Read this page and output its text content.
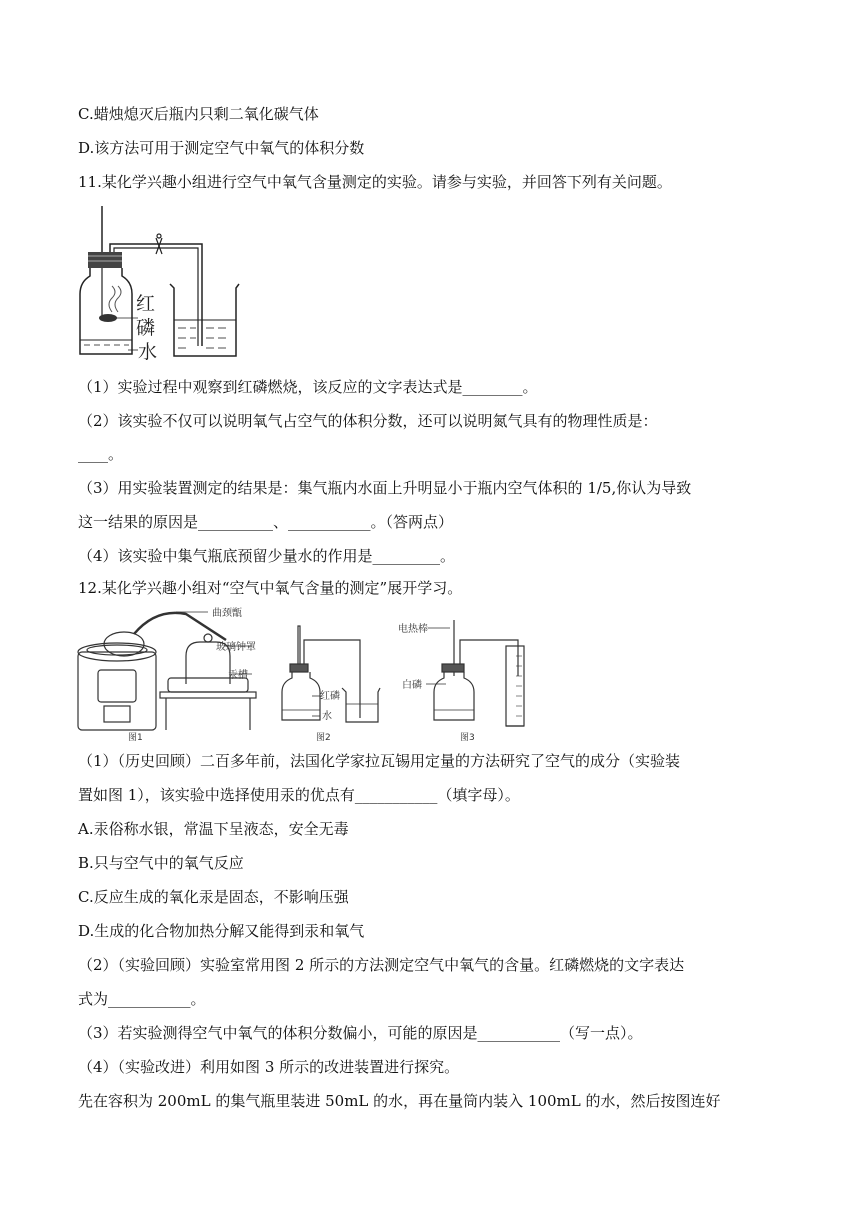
C.蜡烛熄灭后瓶内只剩二氧化碳气体
D.该方法可用于测定空气中氧气的体积分数
11.某化学兴趣小组进行空气中氧气含量测定的实验。请参与实验，并回答下列有关问题。
红
磷
水
（1）实验过程中观察到红磷燃烧，该反应的文字表达式是________。
（2）该实验不仅可以说明氧气占空气的体积分数，还可以说明氮气具有的物理性质是：
____。
（3）用实验装置测定的结果是：集气瓶内水面上升明显小于瓶内空气体积的 1/5,你认为导致
这一结果的原因是__________、___________。（答两点）
（4）该实验中集气瓶底预留少量水的作用是_________。
12.某化学兴趣小组对“空气中氧气含量的测定”展开学习。
曲颈甑
玻璃钟罩
汞槽
红磷
水
电热棒
白磷
图1	图2	图3
（1）（历史回顾）二百多年前，法国化学家拉瓦锡用定量的方法研究了空气的成分（实验装
置如图 1），该实验中选择使用汞的优点有___________（填字母）。
A.汞俗称水银，常温下呈液态，安全无毒
B.只与空气中的氧气反应
C.反应生成的氧化汞是固态，不影响压强
D.生成的化合物加热分解又能得到汞和氧气
（2）（实验回顾）实验室常用图 2 所示的方法测定空气中氧气的含量。红磷燃烧的文字表达
式为___________。
（3）若实验测得空气中氧气的体积分数偏小，可能的原因是___________（写一点）。
（4）（实验改进）利用如图 3 所示的改进装置进行探究。
先在容积为 200mL 的集气瓶里装进 50mL 的水，再在量筒内装入 100mL 的水，然后按图连好
